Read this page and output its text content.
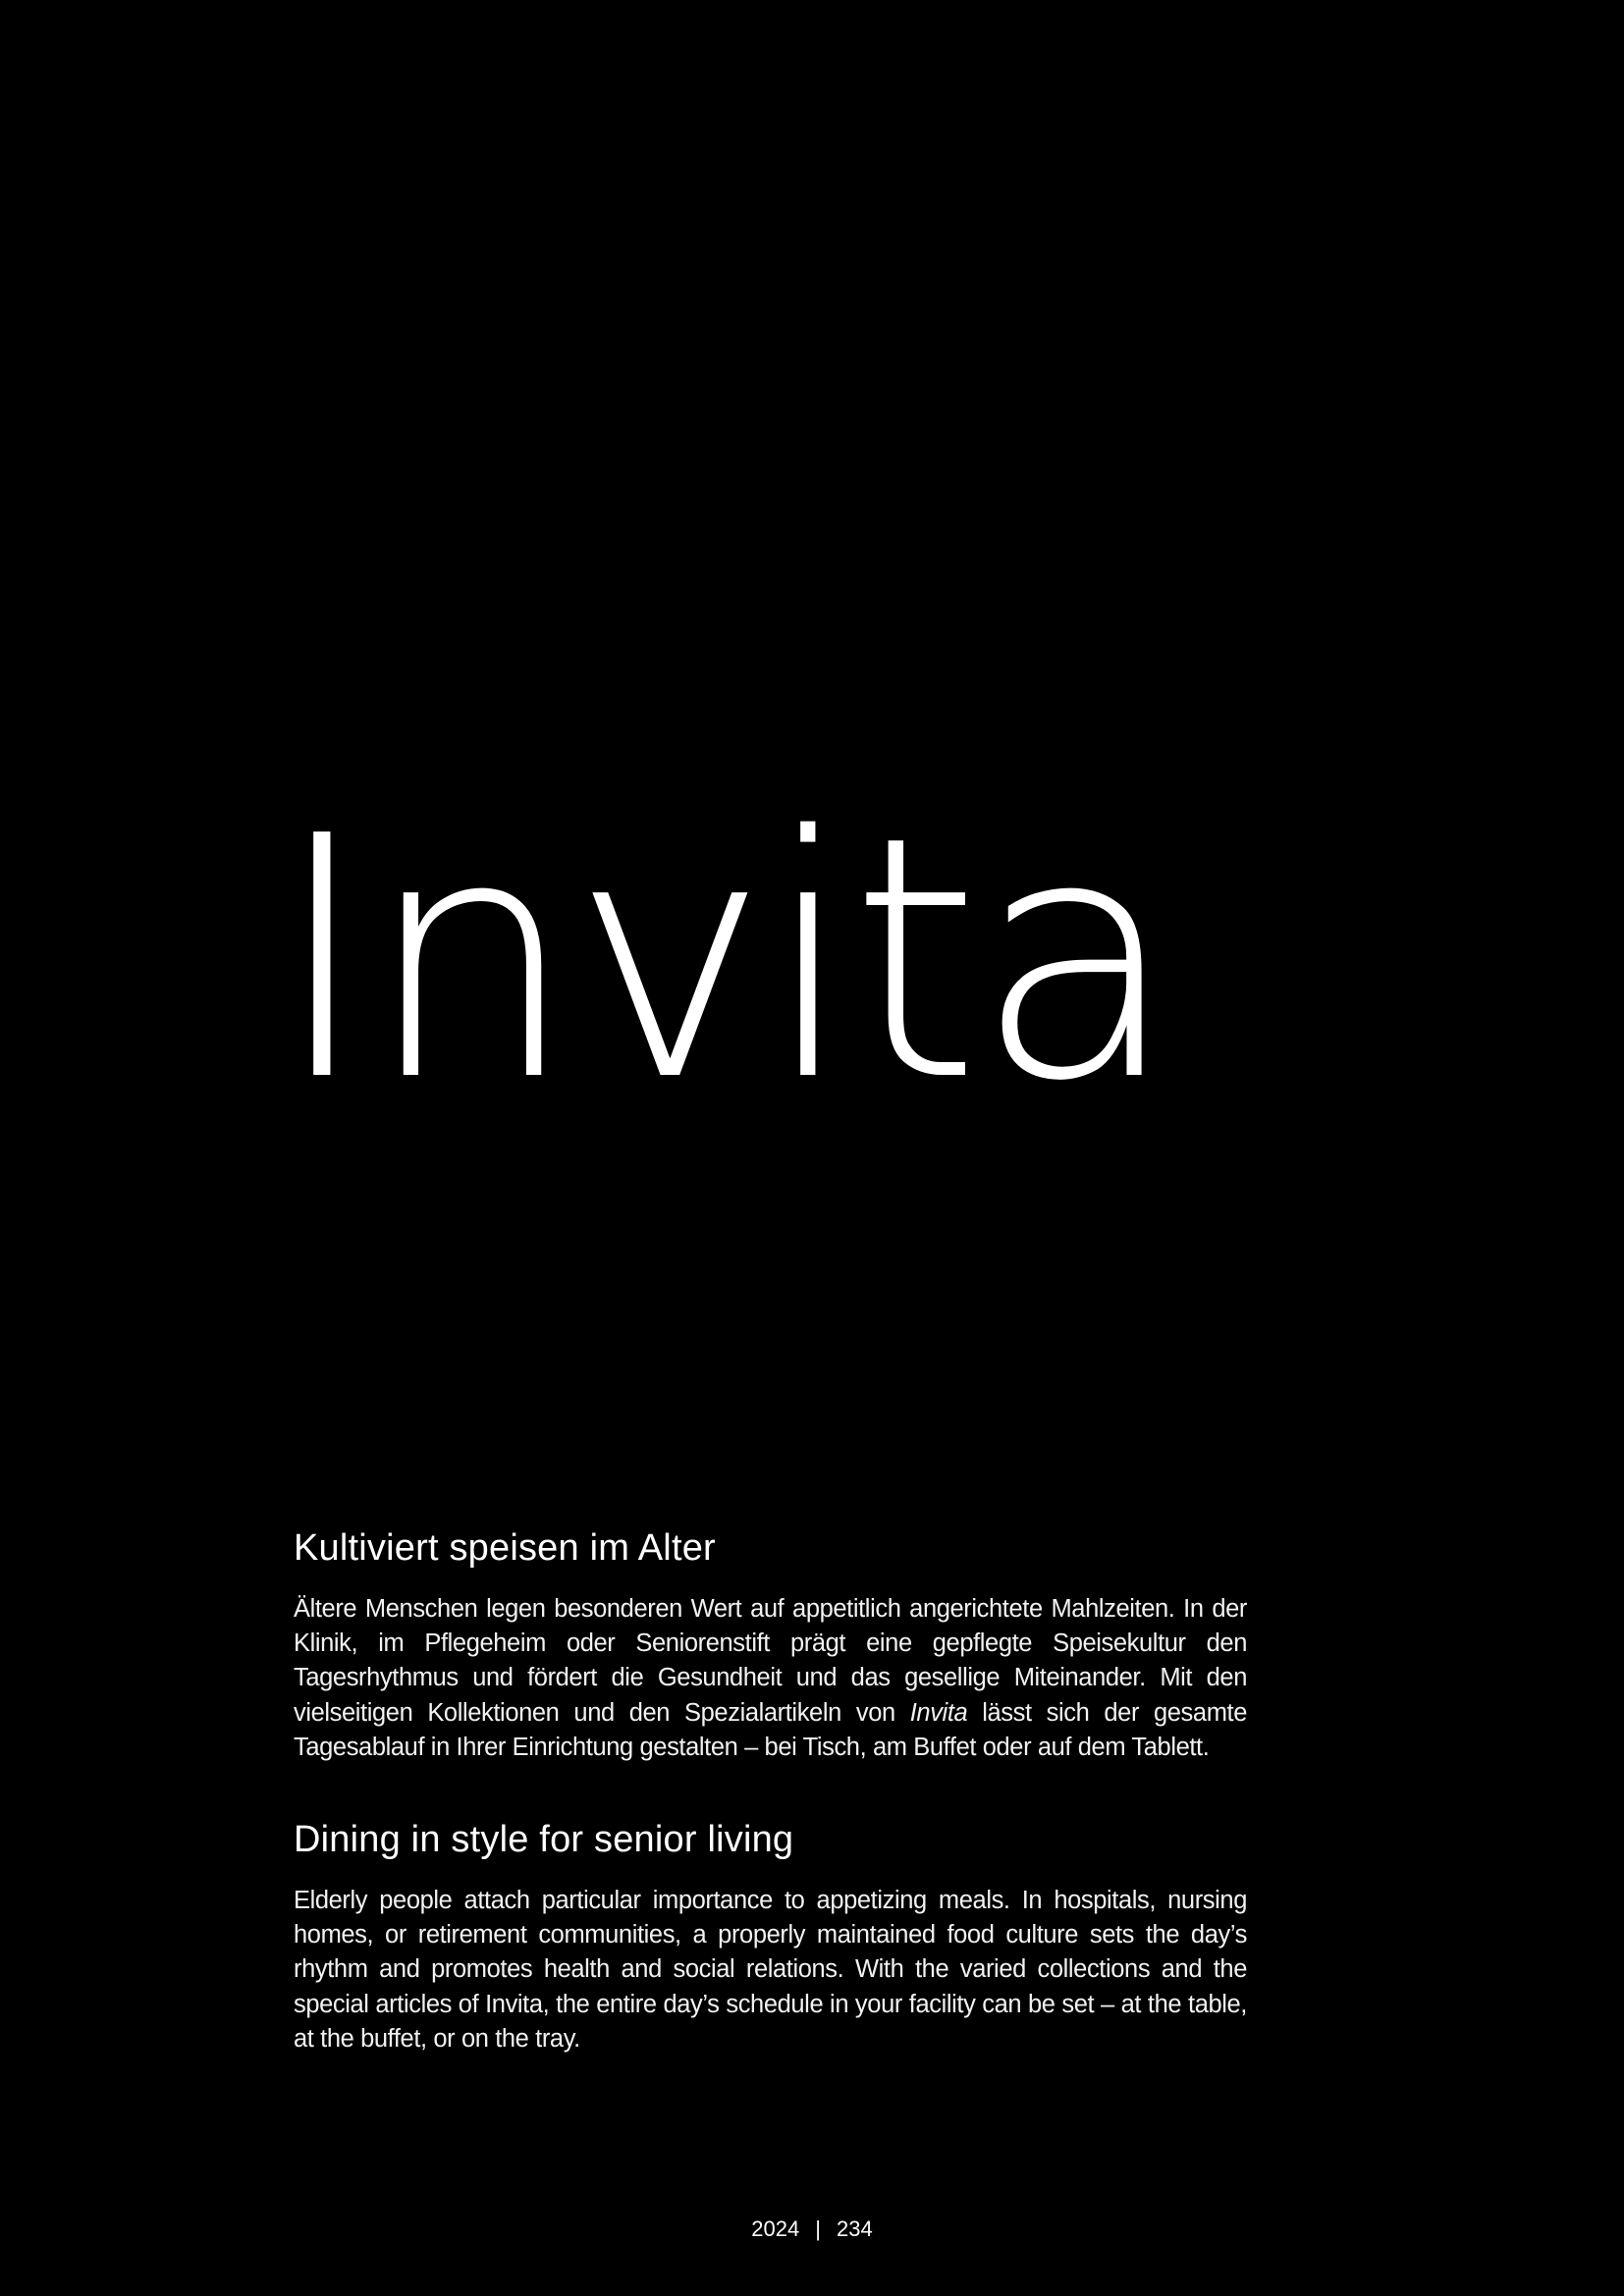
Invita
Kultiviert speisen im Alter

Ältere Menschen legen besonderen Wert auf appetitlich angerichtete Mahlzeiten. In der Klinik, im Pflegeheim oder Seniorenstift prägt eine gepflegte Speisekultur den Tagesrhythmus und fördert die Gesundheit und das gesellige Miteinander. Mit den vielseitigen Kollektionen und den Spezialartikeln von Invita lässt sich der gesamte Tagesablauf in Ihrer Einrichtung gestalten – bei Tisch, am Buffet oder auf dem Tablett.

Dining in style for senior living

Elderly people attach particular importance to appetizing meals. In hospitals, nursing homes, or retirement communities, a properly maintained food culture sets the day’s rhythm and promotes health and social relations. With the varied collections and the special articles of Invita, the entire day’s schedule in your facility can be set – at the table, at the buffet, or on the tray.

2024 | 234
